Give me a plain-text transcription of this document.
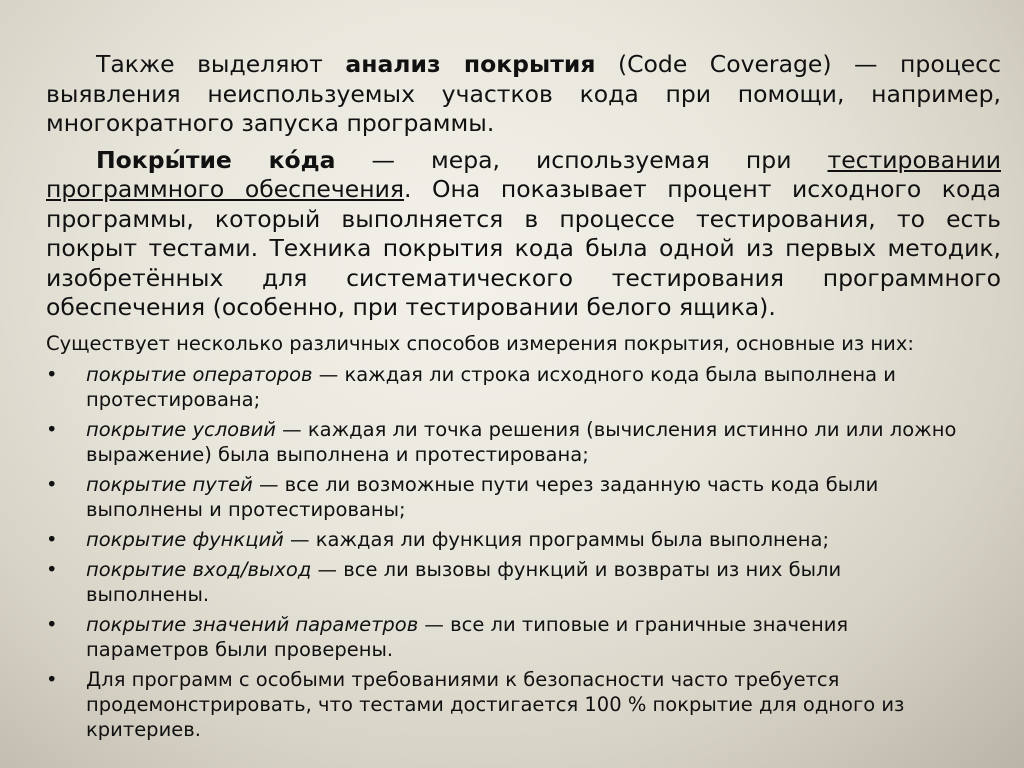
Также выделяют анализ покрытия (Code Coverage) — процесс выявления неиспользуемых участков кода при помощи, например, многократного запуска программы.

Покры́тие ко́да — мера, используемая при тестировании программного обеспечения. Она показывает процент исходного кода программы, который выполняется в процессе тестирования, то есть покрыт тестами. Техника покрытия кода была одной из первых методик, изобретённых для систематического тестирования программного обеспечения (особенно, при тестировании белого ящика).

Существует несколько различных способов измерения покрытия, основные из них:

• покрытие операторов — каждая ли строка исходного кода была выполнена и протестирована;
• покрытие условий — каждая ли точка решения (вычисления истинно ли или ложно выражение) была выполнена и протестирована;
• покрытие путей — все ли возможные пути через заданную часть кода были выполнены и протестированы;
• покрытие функций — каждая ли функция программы была выполнена;
• покрытие вход/выход — все ли вызовы функций и возвраты из них были выполнены.
• покрытие значений параметров — все ли типовые и граничные значения параметров были проверены.
• Для программ с особыми требованиями к безопасности часто требуется продемонстрировать, что тестами достигается 100 % покрытие для одного из критериев.
